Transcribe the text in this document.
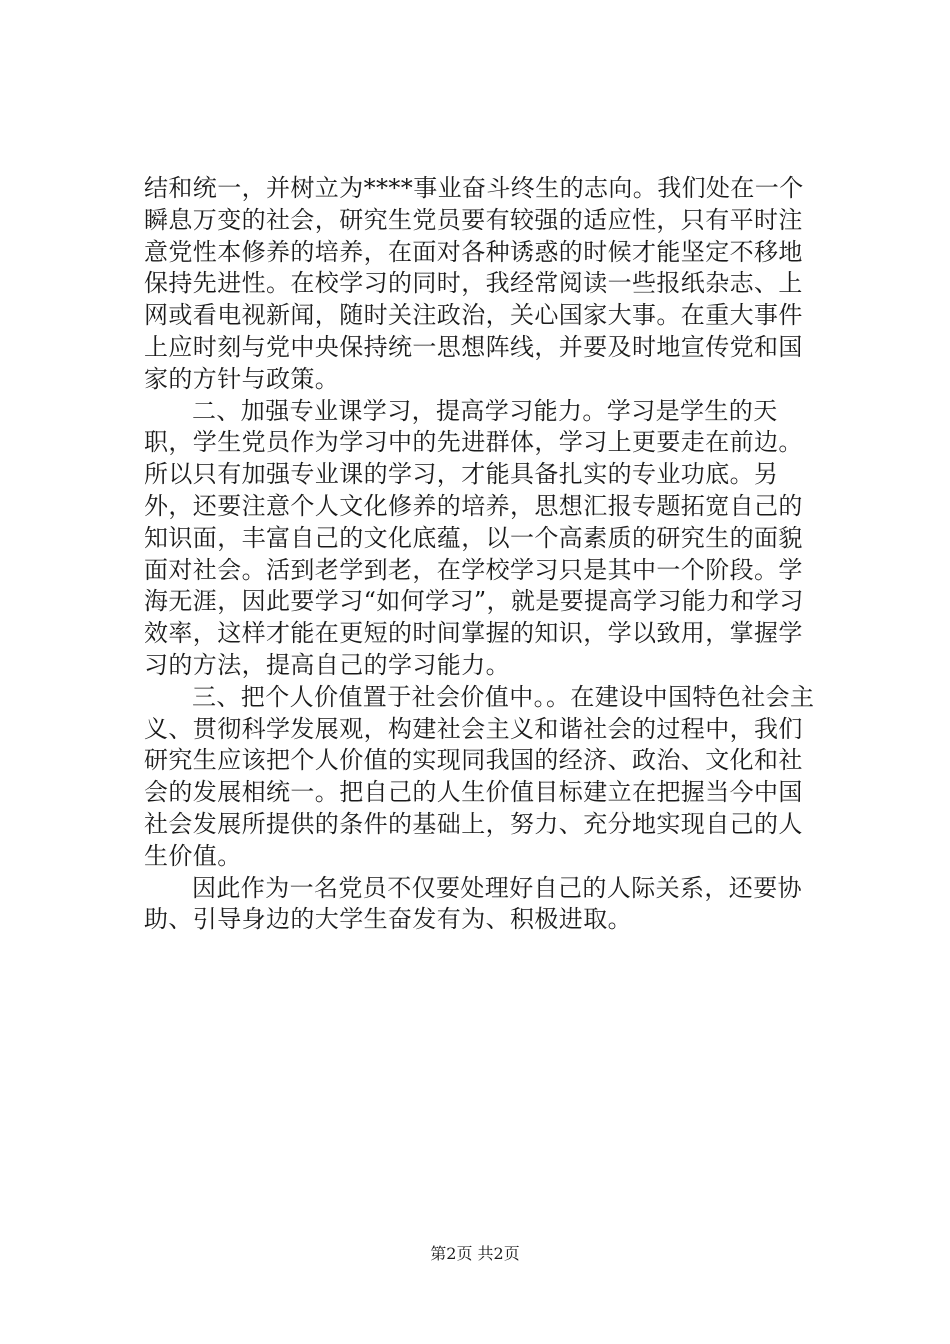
结和统一，并树立为****事业奋斗终生的志向。我们处在一个瞬息万变的社会，研究生党员要有较强的适应性，只有平时注意党性本修养的培养，在面对各种诱惑的时候才能坚定不移地保持先进性。在校学习的同时，我经常阅读一些报纸杂志、上网或看电视新闻，随时关注政治，关心国家大事。在重大事件上应时刻与党中央保持统一思想阵线，并要及时地宣传党和国家的方针与政策。

二、加强专业课学习，提高学习能力。学习是学生的天职，学生党员作为学习中的先进群体，学习上更要走在前边。所以只有加强专业课的学习，才能具备扎实的专业功底。另外，还要注意个人文化修养的培养，思想汇报专题拓宽自己的知识面，丰富自己的文化底蕴，以一个高素质的研究生的面貌面对社会。活到老学到老，在学校学习只是其中一个阶段。学海无涯，因此要学习“如何学习”，就是要提高学习能力和学习效率，这样才能在更短的时间掌握的知识，学以致用，掌握学习的方法，提高自己的学习能力。

三、把个人价值置于社会价值中。。在建设中国特色社会主义、贯彻科学发展观，构建社会主义和谐社会的过程中，我们研究生应该把个人价值的实现同我国的经济、政治、文化和社会的发展相统一。把自己的人生价值目标建立在把握当今中国社会发展所提供的条件的基础上，努力、充分地实现自己的人生价值。

因此作为一名党员不仅要处理好自己的人际关系，还要协助、引导身边的大学生奋发有为、积极进取。

第2页 共2页
